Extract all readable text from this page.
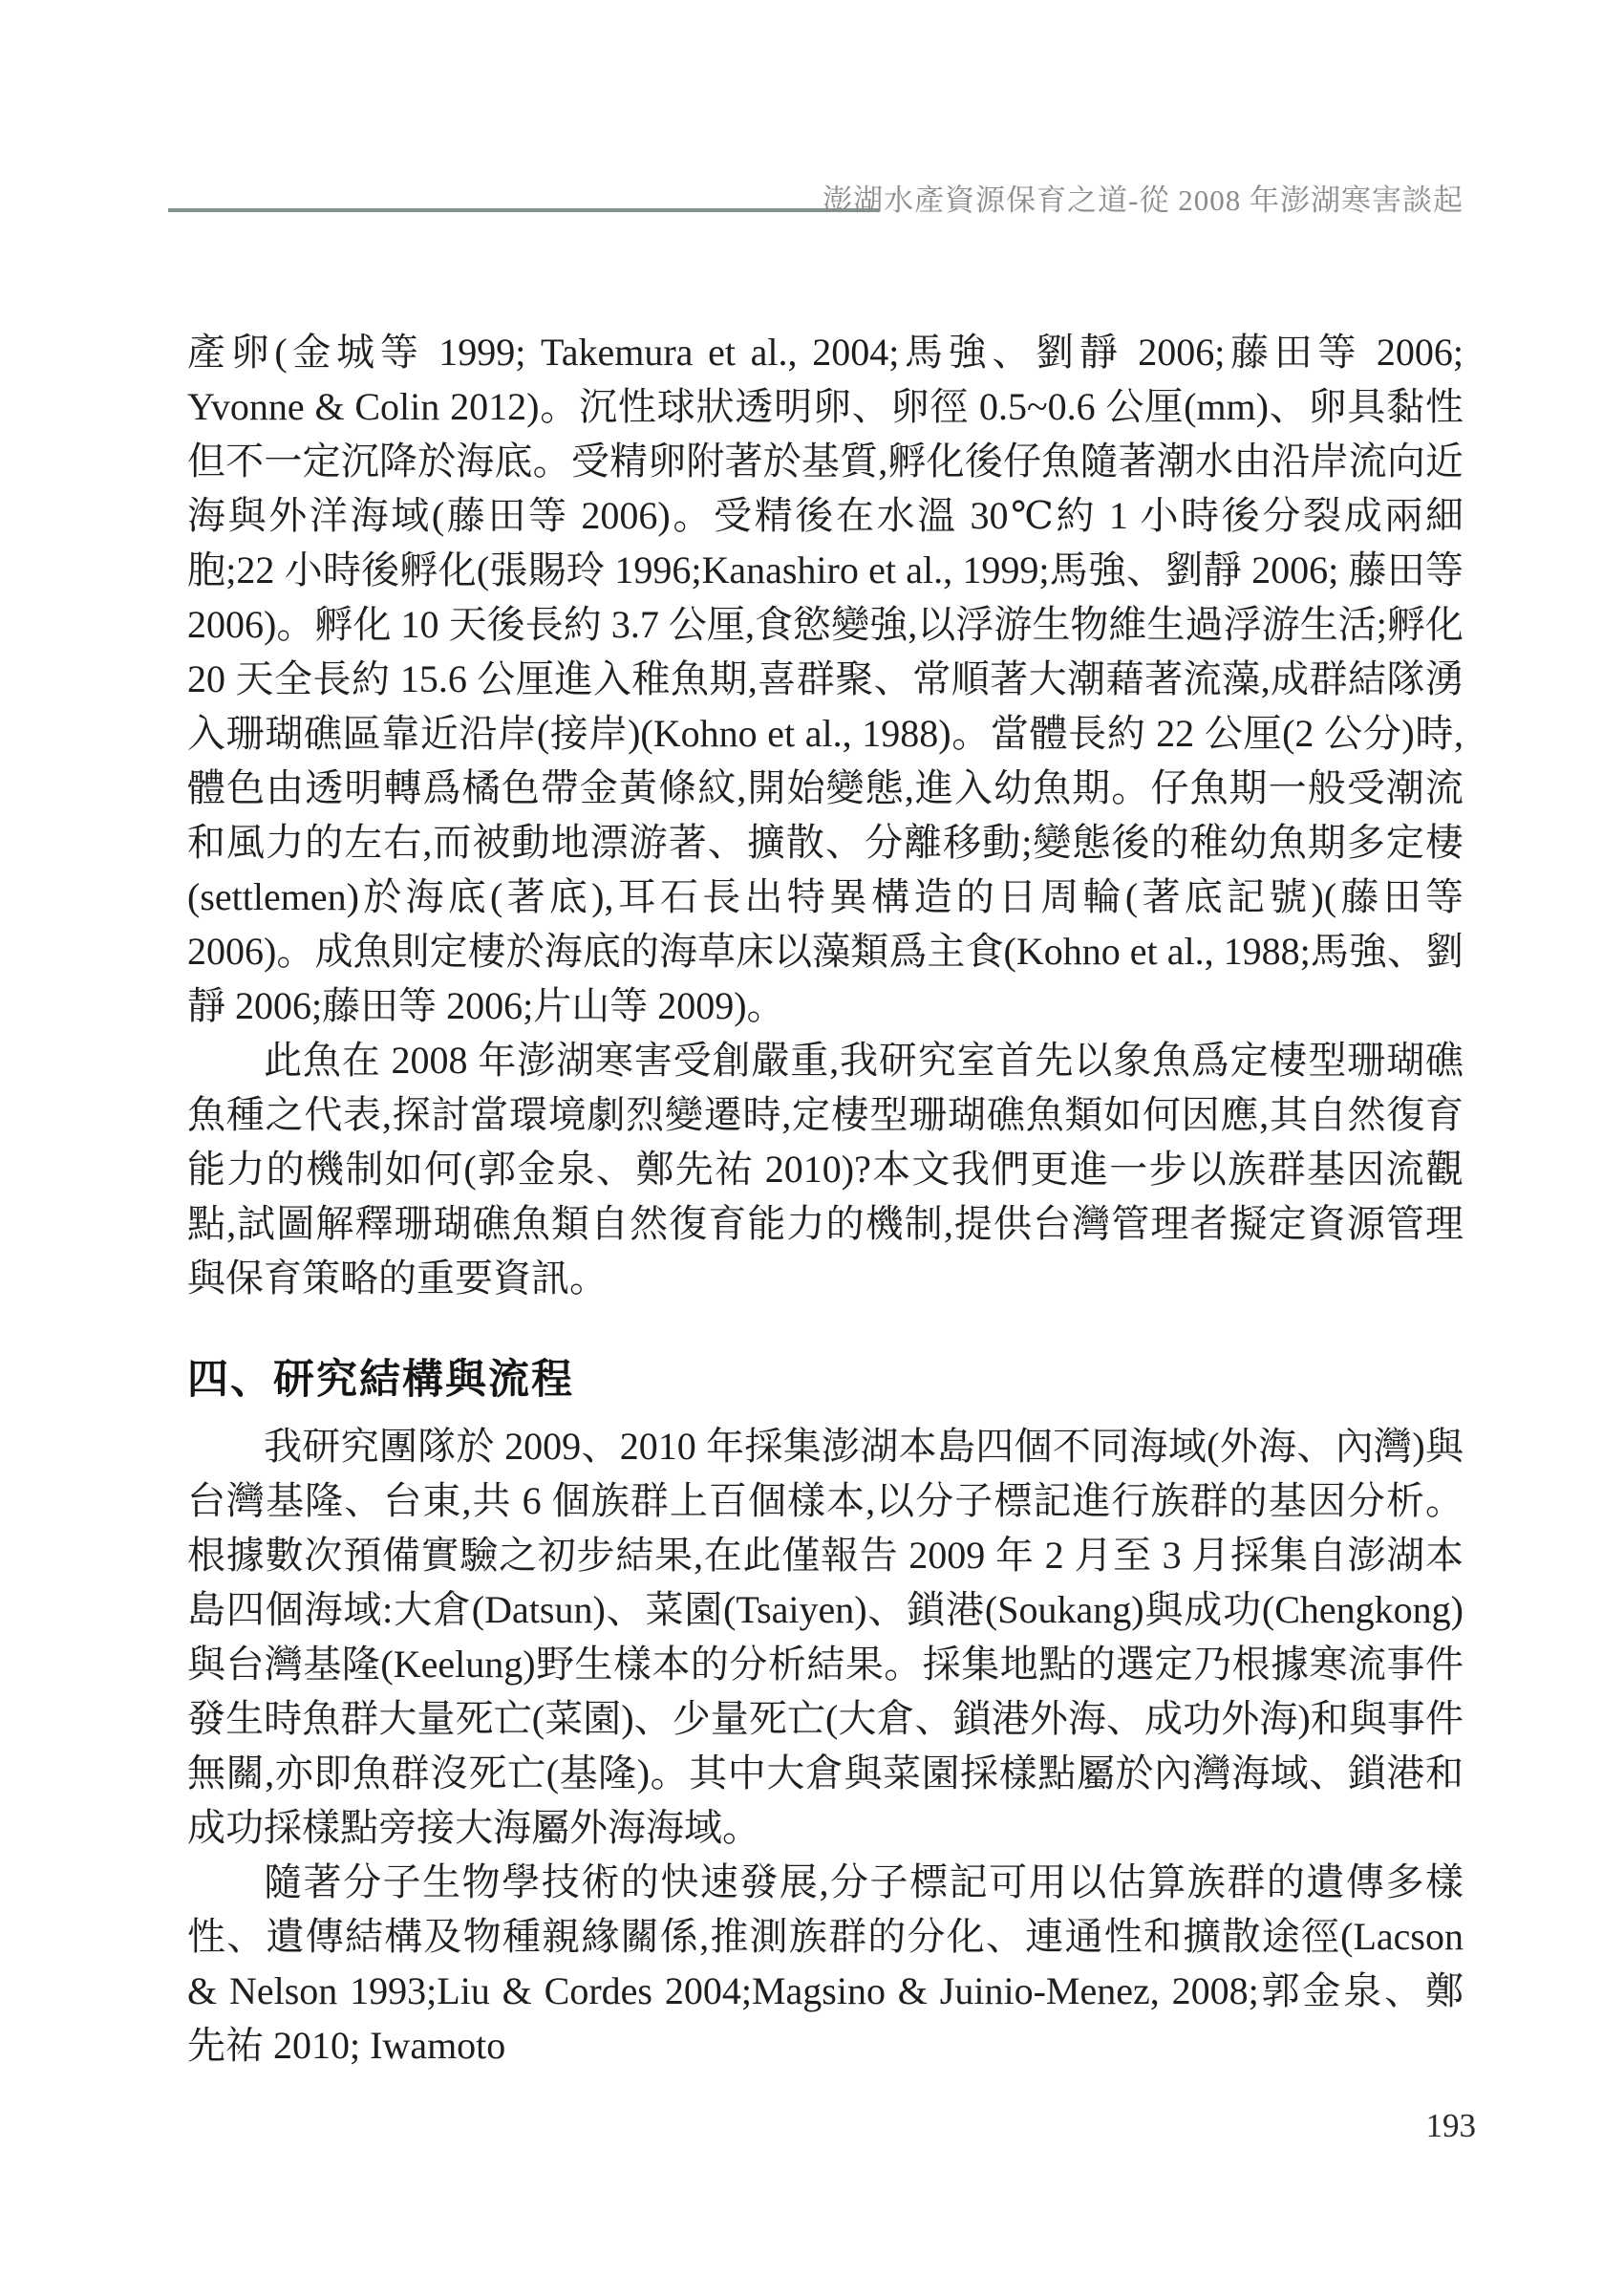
澎湖水產資源保育之道-從 2008 年澎湖寒害談起

產卵(金城等 1999; Takemura et al., 2004;馬強、劉靜 2006;藤田等 2006; Yvonne & Colin 2012)。沉性球狀透明卵、卵徑 0.5~0.6 公厘(mm)、卵具黏性但不一定沉降於海底。受精卵附著於基質,孵化後仔魚隨著潮水由沿岸流向近海與外洋海域(藤田等 2006)。受精後在水溫 30℃約 1 小時後分裂成兩細胞;22 小時後孵化(張賜玲 1996;Kanashiro et al., 1999;馬強、劉靜 2006; 藤田等 2006)。孵化 10 天後長約 3.7 公厘,食慾變強,以浮游生物維生過浮游生活;孵化 20 天全長約 15.6 公厘進入稚魚期,喜群聚、常順著大潮藉著流藻,成群結隊湧入珊瑚礁區靠近沿岸(接岸)(Kohno et al., 1988)。當體長約 22 公厘(2 公分)時,體色由透明轉爲橘色帶金黃條紋,開始變態,進入幼魚期。仔魚期一般受潮流和風力的左右,而被動地漂游著、擴散、分離移動;變態後的稚幼魚期多定棲(settlemen)於海底(著底),耳石長出特異構造的日周輪(著底記號)(藤田等 2006)。成魚則定棲於海底的海草床以藻類爲主食(Kohno et al., 1988;馬強、劉靜 2006;藤田等 2006;片山等 2009)。

此魚在 2008 年澎湖寒害受創嚴重,我研究室首先以象魚爲定棲型珊瑚礁魚種之代表,探討當環境劇烈變遷時,定棲型珊瑚礁魚類如何因應,其自然復育能力的機制如何(郭金泉、鄭先祐 2010)?本文我們更進一步以族群基因流觀點,試圖解釋珊瑚礁魚類自然復育能力的機制,提供台灣管理者擬定資源管理與保育策略的重要資訊。

四、研究結構與流程

我研究團隊於 2009、2010 年採集澎湖本島四個不同海域(外海、內灣)與台灣基隆、台東,共 6 個族群上百個樣本,以分子標記進行族群的基因分析。根據數次預備實驗之初步結果,在此僅報告 2009 年 2 月至 3 月採集自澎湖本島四個海域:大倉(Datsun)、菜園(Tsaiyen)、鎖港(Soukang)與成功(Chengkong)與台灣基隆(Keelung)野生樣本的分析結果。採集地點的選定乃根據寒流事件發生時魚群大量死亡(菜園)、少量死亡(大倉、鎖港外海、成功外海)和與事件無關,亦即魚群沒死亡(基隆)。其中大倉與菜園採樣點屬於內灣海域、鎖港和成功採樣點旁接大海屬外海海域。

隨著分子生物學技術的快速發展,分子標記可用以估算族群的遺傳多樣性、遺傳結構及物種親緣關係,推測族群的分化、連通性和擴散途徑(Lacson & Nelson 1993;Liu & Cordes 2004;Magsino & Juinio-Menez, 2008;郭金泉、鄭先祐 2010; Iwamoto

193
